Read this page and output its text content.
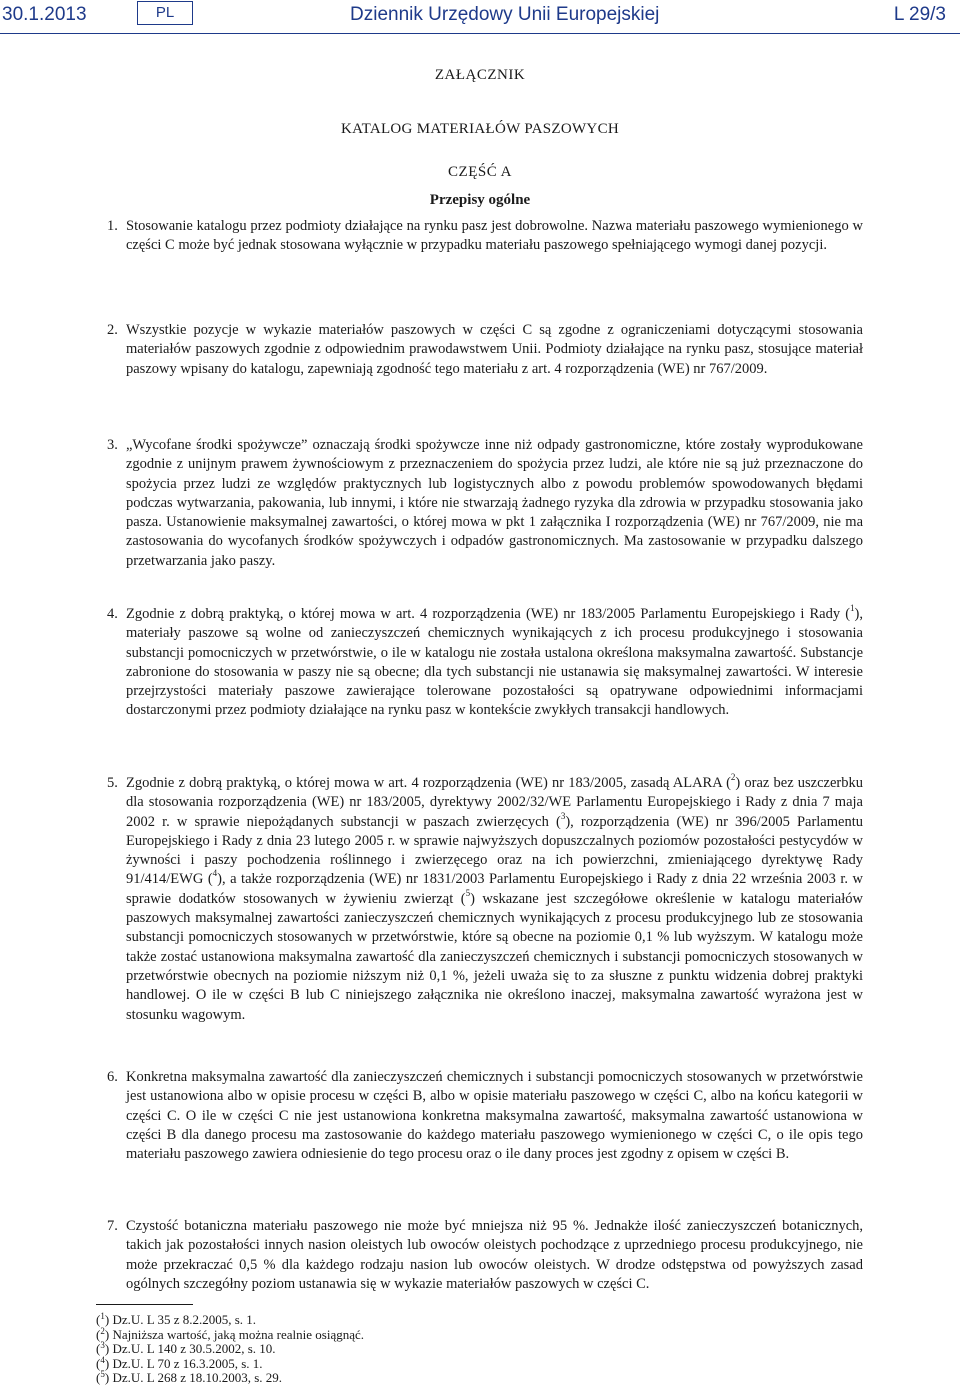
30.1.2013	PL	Dziennik Urzędowy Unii Europejskiej	L 29/3
ZAŁĄCZNIK
KATALOG MATERIAŁÓW PASZOWYCH
CZĘŚĆ A
Przepisy ogólne
1. Stosowanie katalogu przez podmioty działające na rynku pasz jest dobrowolne. Nazwa materiału paszowego wymienionego w części C może być jednak stosowana wyłącznie w przypadku materiału paszowego spełniającego wymogi danej pozycji.
2. Wszystkie pozycje w wykazie materiałów paszowych w części C są zgodne z ograniczeniami dotyczącymi stosowania materiałów paszowych zgodnie z odpowiednim prawodawstwem Unii. Podmioty działające na rynku pasz, stosujące materiał paszowy wpisany do katalogu, zapewniają zgodność tego materiału z art. 4 rozporządzenia (WE) nr 767/2009.
3. „Wycofane środki spożywcze” oznaczają środki spożywcze inne niż odpady gastronomiczne, które zostały wyprodukowane zgodnie z unijnym prawem żywnościowym z przeznaczeniem do spożycia przez ludzi, ale które nie są już przeznaczone do spożycia przez ludzi ze względów praktycznych lub logistycznych albo z powodu problemów spowodowanych błędami podczas wytwarzania, pakowania, lub innymi, i które nie stwarzają żadnego ryzyka dla zdrowia w przypadku stosowania jako pasza. Ustanowienie maksymalnej zawartości, o której mowa w pkt 1 załącznika I rozporządzenia (WE) nr 767/2009, nie ma zastosowania do wycofanych środków spożywczych i odpadów gastronomicznych. Ma zastosowanie w przypadku dalszego przetwarzania jako paszy.
4. Zgodnie z dobrą praktyką, o której mowa w art. 4 rozporządzenia (WE) nr 183/2005 Parlamentu Europejskiego i Rady ($^1$), materiały paszowe są wolne od zanieczyszczeń chemicznych wynikających z ich procesu produkcyjnego i stosowania substancji pomocniczych w przetwórstwie, o ile w katalogu nie została ustalona określona maksymalna zawartość. Substancje zabronione do stosowania w paszy nie są obecne; dla tych substancji nie ustanawia się maksymalnej zawartości. W interesie przejrzystości materiały paszowe zawierające tolerowane pozostałości są opatrywane odpowiednimi informacjami dostarczonymi przez podmioty działające na rynku pasz w kontekście zwykłych transakcji handlowych.
5. Zgodnie z dobrą praktyką, o której mowa w art. 4 rozporządzenia (WE) nr 183/2005, zasadą ALARA ($^2$) oraz bez uszczerbku dla stosowania rozporządzenia (WE) nr 183/2005, dyrektywy 2002/32/WE Parlamentu Europejskiego i Rady z dnia 7 maja 2002 r. w sprawie niepożądanych substancji w paszach zwierzęcych ($^3$), rozporządzenia (WE) nr 396/2005 Parlamentu Europejskiego i Rady z dnia 23 lutego 2005 r. w sprawie najwyższych dopuszczalnych poziomów pozostałości pestycydów w żywności i paszy pochodzenia roślinnego i zwierzęcego oraz na ich powierzchni, zmieniającego dyrektywę Rady 91/414/EWG ($^4$), a także rozporządzenia (WE) nr 1831/2003 Parlamentu Europejskiego i Rady z dnia 22 września 2003 r. w sprawie dodatków stosowanych w żywieniu zwierząt ($^5$) wskazane jest szczegółowe określenie w katalogu materiałów paszowych maksymalnej zawartości zanieczyszczeń chemicznych wynikających z procesu produkcyjnego lub ze stosowania substancji pomocniczych stosowanych w przetwórstwie, które są obecne na poziomie 0,1 % lub wyższym. W katalogu może także zostać ustanowiona maksymalna zawartość dla zanieczyszczeń chemicznych i substancji pomocniczych stosowanych w przetwórstwie obecnych na poziomie niższym niż 0,1 %, jeżeli uważa się to za słuszne z punktu widzenia dobrej praktyki handlowej. O ile w części B lub C niniejszego załącznika nie określono inaczej, maksymalna zawartość wyrażona jest w stosunku wagowym.
6. Konkretna maksymalna zawartość dla zanieczyszczeń chemicznych i substancji pomocniczych stosowanych w przetwórstwie jest ustanowiona albo w opisie procesu w części B, albo w opisie materiału paszowego w części C, albo na końcu kategorii w części C. O ile w części C nie jest ustanowiona konkretna maksymalna zawartość, maksymalna zawartość ustanowiona w części B dla danego procesu ma zastosowanie do każdego materiału paszowego wymienionego w części C, o ile opis tego materiału paszowego zawiera odniesienie do tego procesu oraz o ile dany proces jest zgodny z opisem w części B.
7. Czystość botaniczna materiału paszowego nie może być mniejsza niż 95 %. Jednakże ilość zanieczyszczeń botanicznych, takich jak pozostałości innych nasion oleistych lub owoców oleistych pochodzące z uprzedniego procesu produkcyjnego, nie może przekraczać 0,5 % dla każdego rodzaju nasion lub owoców oleistych. W drodze odstępstwa od powyższych zasad ogólnych szczegółny poziom ustanawia się w wykazie materiałów paszowych w części C.
($^1$) Dz.U. L 35 z 8.2.2005, s. 1.
($^2$) Najniższa wartość, jaką można realnie osiągnąć.
($^3$) Dz.U. L 140 z 30.5.2002, s. 10.
($^4$) Dz.U. L 70 z 16.3.2005, s. 1.
($^5$) Dz.U. L 268 z 18.10.2003, s. 29.
